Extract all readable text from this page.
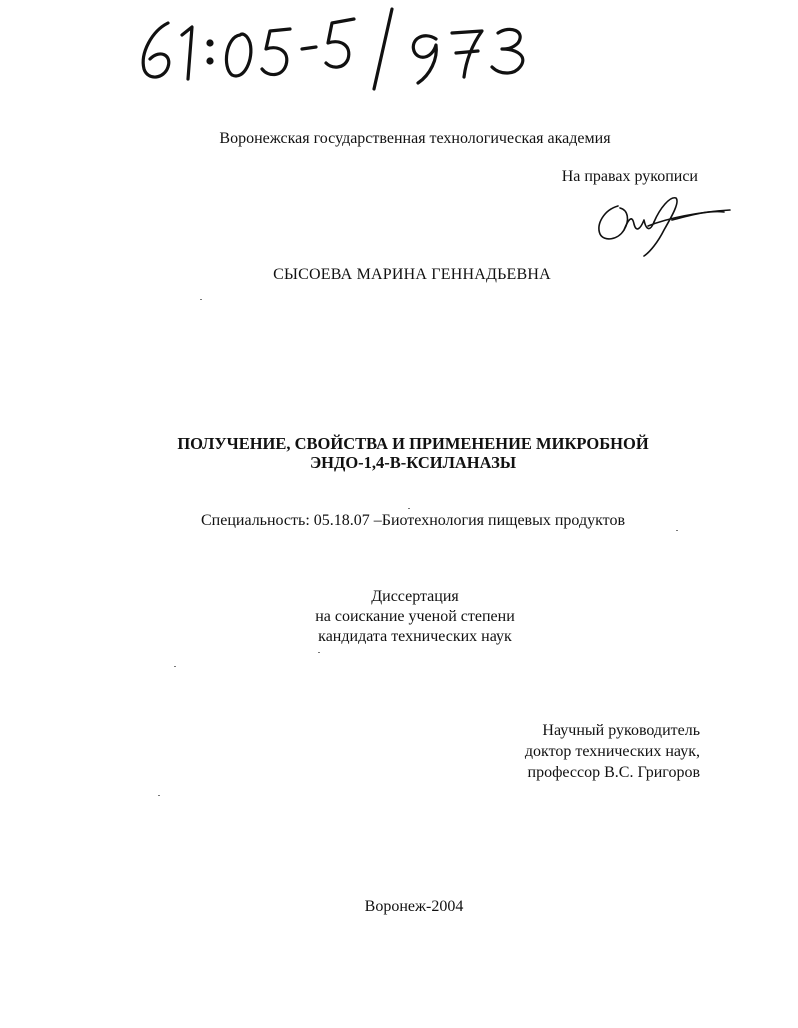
Воронежская государственная технологическая академия
На правах рукописи
СЫСОЕВА МАРИНА ГЕННАДЬЕВНА
ПОЛУЧЕНИЕ, СВОЙСТВА И ПРИМЕНЕНИЕ МИКРОБНОЙ
ЭНДО-1,4-В-КСИЛАНАЗЫ
Специальность: 05.18.07 –Биотехнология пищевых продуктов
Диссертация
на соискание ученой степени
кандидата технических наук
Научный руководитель
доктор технических наук,
профессор В.С. Григоров
Воронеж-2004
